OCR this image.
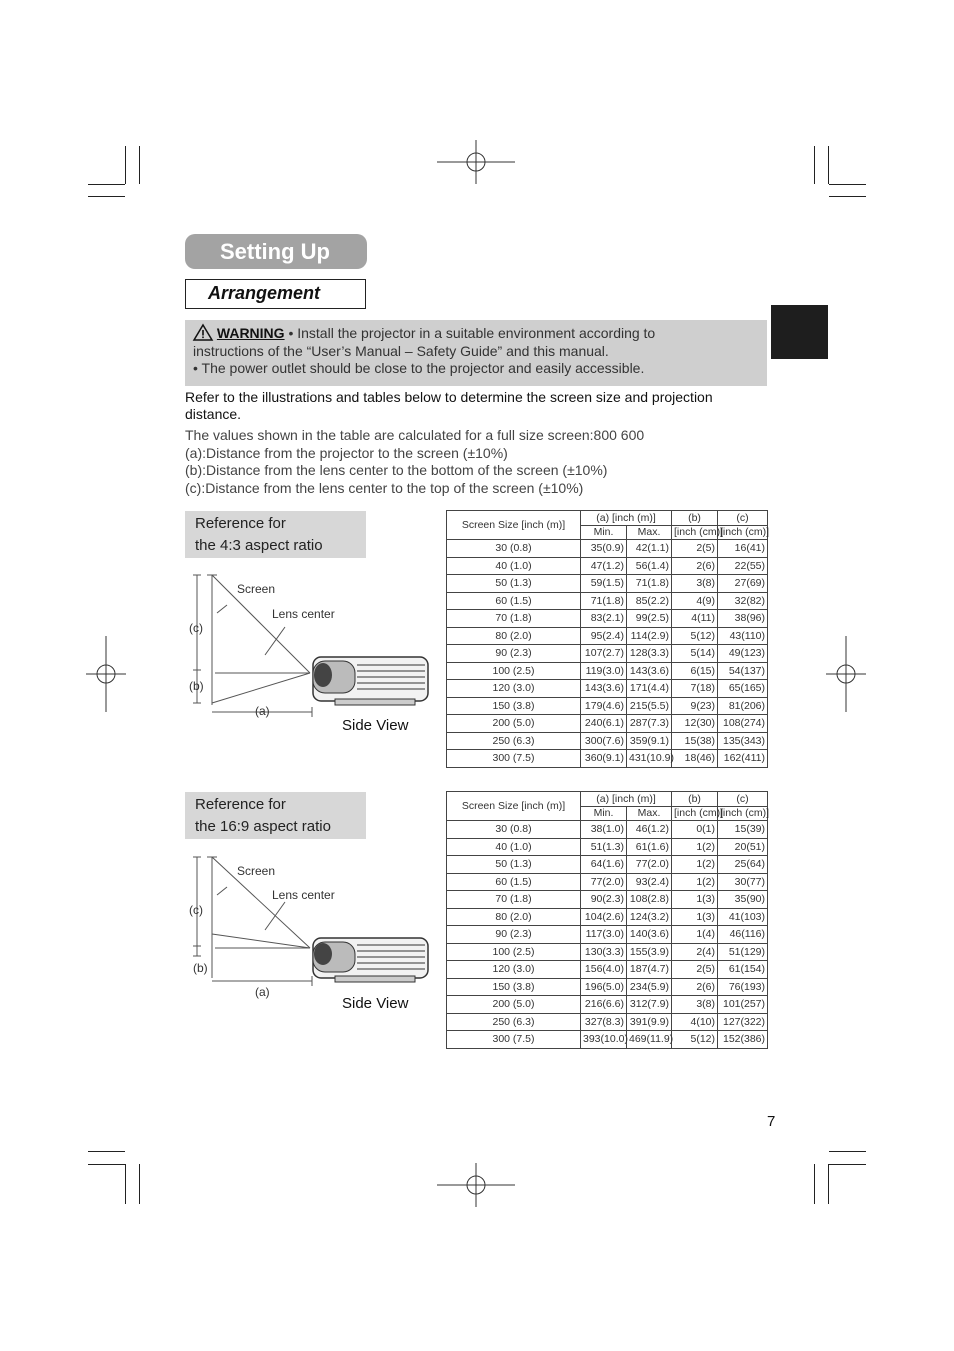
Setting Up
Arrangement
WARNING • Install the projector in a suitable environment according to
instructions of the “User’s Manual – Safety Guide” and this manual.
• The power outlet should be close to the projector and easily accessible.
Refer to the illustrations and tables below to determine the screen size and projection
distance.
The values shown in the table are calculated for a full size screen:800 600
(a):Distance from the projector to the screen (±10%)
(b):Distance from the lens center to the bottom of the screen (±10%)
(c):Distance from the lens center to the top of the screen (±10%)
Reference for
the 4:3 aspect ratio
Screen
Lens center
(c)
(b)
(a)
Side View
Screen Size [inch (m)]	(a) [inch (m)]		(b)	(c)
	Min.	Max.	[inch (cm)]	[inch (cm)]
30 (0.8)	35(0.9)	42(1.1)	2(5)	16(41)
40 (1.0)	47(1.2)	56(1.4)	2(6)	22(55)
50 (1.3)	59(1.5)	71(1.8)	3(8)	27(69)
60 (1.5)	71(1.8)	85(2.2)	4(9)	32(82)
70 (1.8)	83(2.1)	99(2.5)	4(11)	38(96)
80 (2.0)	95(2.4)	114(2.9)	5(12)	43(110)
90 (2.3)	107(2.7)	128(3.3)	5(14)	49(123)
100 (2.5)	119(3.0)	143(3.6)	6(15)	54(137)
120 (3.0)	143(3.6)	171(4.4)	7(18)	65(165)
150 (3.8)	179(4.6)	215(5.5)	9(23)	81(206)
200 (5.0)	240(6.1)	287(7.3)	12(30)	108(274)
250 (6.3)	300(7.6)	359(9.1)	15(38)	135(343)
300 (7.5)	360(9.1)	431(10.9)	18(46)	162(411)
Reference for
the 16:9 aspect ratio
Screen
Lens center
(c)
(b)
(a)
Side View
Screen Size [inch (m)]	(a) [inch (m)]		(b)	(c)
	Min.	Max.	[inch (cm)]	[inch (cm)]
30 (0.8)	38(1.0)	46(1.2)	0(1)	15(39)
40 (1.0)	51(1.3)	61(1.6)	1(2)	20(51)
50 (1.3)	64(1.6)	77(2.0)	1(2)	25(64)
60 (1.5)	77(2.0)	93(2.4)	1(2)	30(77)
70 (1.8)	90(2.3)	108(2.8)	1(3)	35(90)
80 (2.0)	104(2.6)	124(3.2)	1(3)	41(103)
90 (2.3)	117(3.0)	140(3.6)	1(4)	46(116)
100 (2.5)	130(3.3)	155(3.9)	2(4)	51(129)
120 (3.0)	156(4.0)	187(4.7)	2(5)	61(154)
150 (3.8)	196(5.0)	234(5.9)	2(6)	76(193)
200 (5.0)	216(6.6)	312(7.9)	3(8)	101(257)
250 (6.3)	327(8.3)	391(9.9)	4(10)	127(322)
300 (7.5)	393(10.0)	469(11.9)	5(12)	152(386)
7
